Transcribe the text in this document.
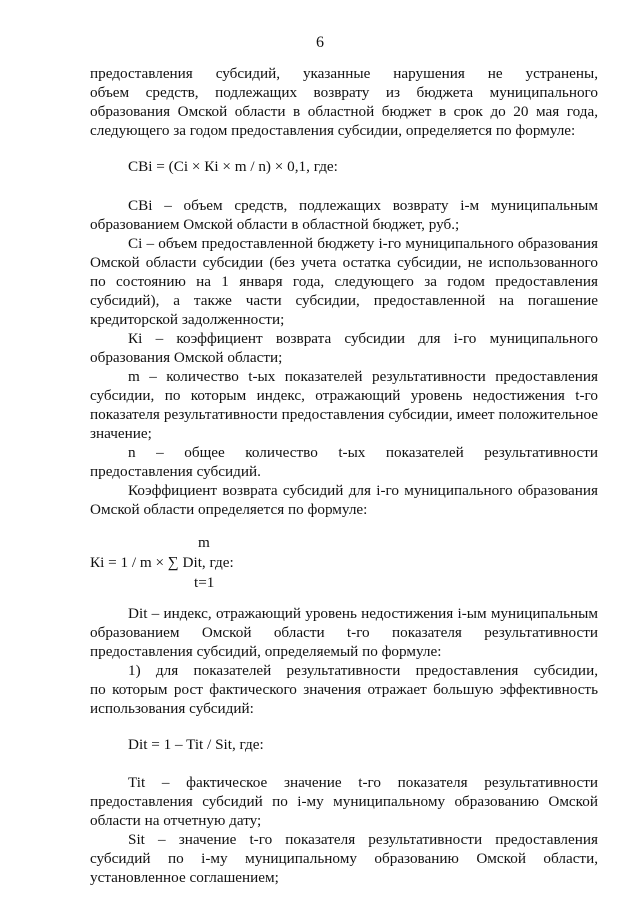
6
предоставления субсидий, указанные нарушения не устранены,
объем средств, подлежащих возврату из бюджета муниципального
образования Омской области в областной бюджет в срок до 20 мая года,
следующего за годом предоставления субсидии, определяется по формуле:
СВi = (Сi × Кi × m / n) × 0,1, где:
СВi – объем средств, подлежащих возврату i-м муниципальным
образованием Омской области в областной бюджет, руб.;
Сi – объем предоставленной бюджету i-го муниципального образования
Омской области субсидии (без учета остатка субсидии, не использованного
по состоянию на 1 января года, следующего за годом предоставления
субсидий), а также части субсидии, предоставленной на погашение
кредиторской задолженности;
Кi – коэффициент возврата субсидии для i-го муниципального
образования Омской области;
m – количество t-ых показателей результативности предоставления
субсидии, по которым индекс, отражающий уровень недостижения t-го
показателя результативности предоставления субсидии, имеет положительное
значение;
n – общее количество t-ых показателей результативности
предоставления субсидий.
Коэффициент возврата субсидий для i-го муниципального образования
Омской области определяется по формуле:
m
Кi = 1 / m × ∑ Dit, где:
t=1
Dit – индекс, отражающий уровень недостижения i-ым муниципальным
образованием Омской области t-го показателя результативности
предоставления субсидий, определяемый по формуле:
1) для показателей результативности предоставления субсидии,
по которым рост фактического значения отражает большую эффективность
использования субсидий:
Dit = 1 – Tit / Sit, где:
Tit – фактическое значение t-го показателя результативности
предоставления субсидий по i-му муниципальному образованию Омской
области на отчетную дату;
Sit – значение t-го показателя результативности предоставления
субсидий по i-му муниципальному образованию Омской области,
установленное соглашением;
